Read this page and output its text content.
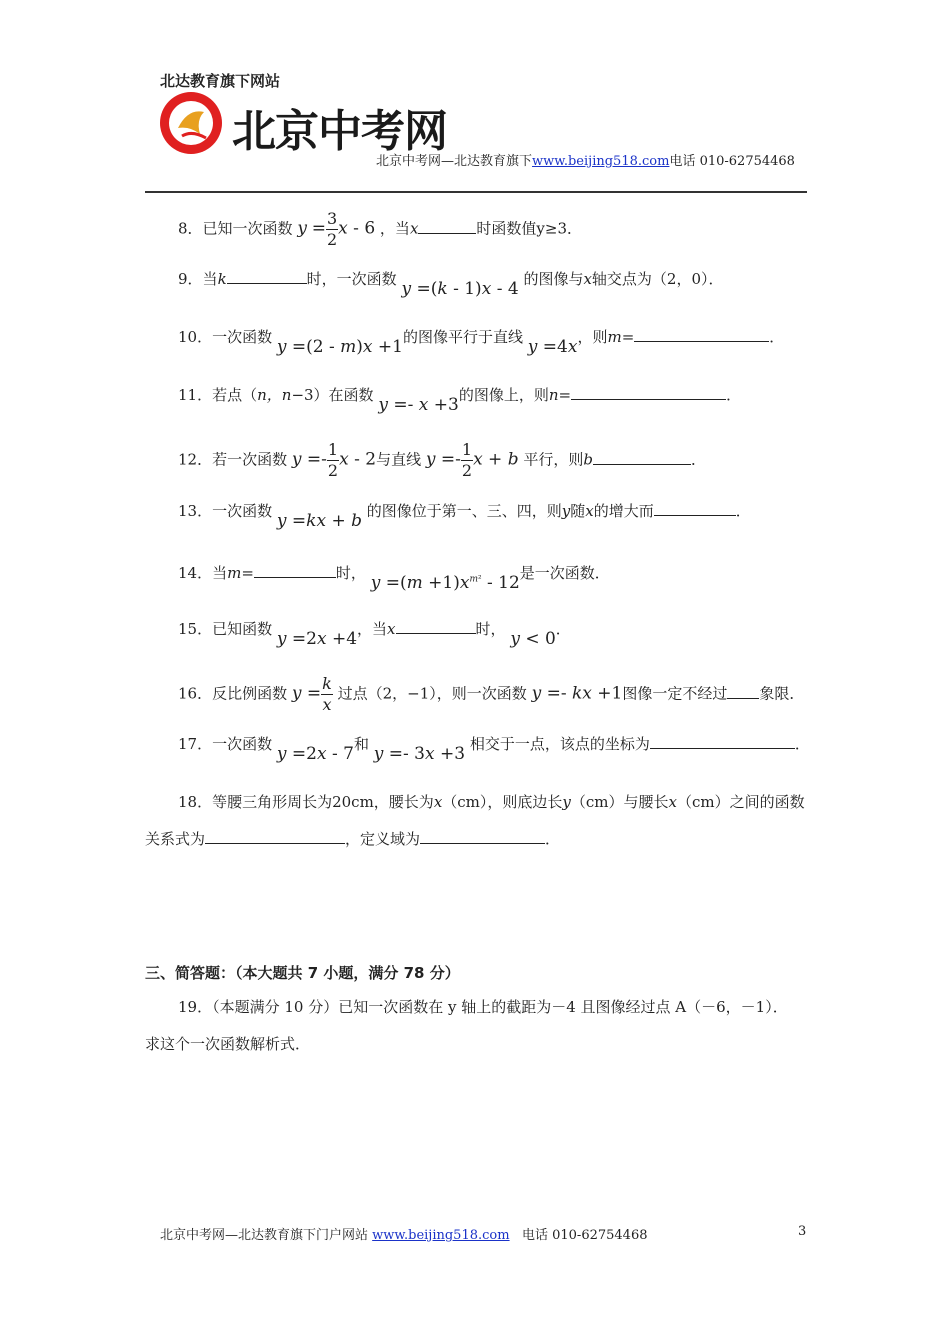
北达教育旗下网站
北京中考网
北京中考网—北达教育旗下www.beijing518.com电话 010-62754468
8．已知一次函数 $y = \frac{3}{2}$ x - 6 ，当x	时函数值y≥3．
9．当k	时，一次函数 y =(k - 1)x - 4 的图像与x轴交点为（2，0）．
10．一次函数 y =(2 - m)x +1的图像平行于直线 y =4x，则m=	．
11．若点（n，n−3）在函数 y =- x +3的图像上，则n=	．
12．若一次函数 $y =- \frac{1}{2}$ x - 2与直线 $y =- \frac{1}{2}$ x + b 平行，则b	．
13．一次函数 y =kx + b 的图像位于第一、三、四，则y随x的增大而	．
14．当m=	时， $y =(m +1)x^{m^2} - 12$是一次函数．
15．已知函数 y =2x +4，当x	时， y < 0．
16．反比例函数 $y = \frac{k}{x}$ 过点（2，−1），则一次函数 y =- kx +1图像一定不经过 象限．
17．一次函数 y =2x - 7和 y =- 3x +3 相交于一点，该点的坐标为	．
18．等腰三角形周长为20cm，腰长为x（cm），则底边长y（cm）与腰长x（cm）之间的函数
关系式为	，定义域为	．
三、简答题：（本大题共 7 小题，满分 78 分）
19．（本题满分 10 分）已知一次函数在 y 轴上的截距为－4 且图像经过点 A（－6，－1）．
求这个一次函数解析式．
北京中考网—北达教育旗下门户网站 www.beijing518.com 电话 010-62754468	3
